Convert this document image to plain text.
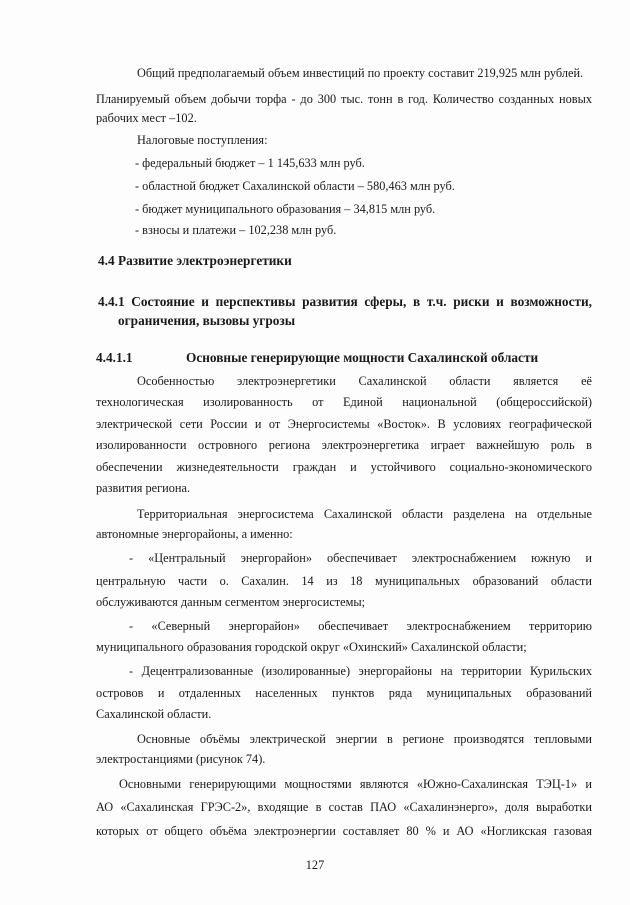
Общий предполагаемый объем инвестиций по проекту составит 219,925 млн рублей.
Планируемый объем добычи торфа - до 300 тыс. тонн в год. Количество созданных новых
рабочих мест –102.
Налоговые поступления:
- федеральный бюджет – 1 145,633 млн руб.
- областной бюджет Сахалинской области – 580,463 млн руб.
- бюджет муниципального образования – 34,815 млн руб.
- взносы и платежи – 102,238 млн руб.
4.4 Развитие электроэнергетики
4.4.1 Состояние и перспективы развития сферы, в т.ч. риски и возможности,
ограничения, вызовы угрозы
4.4.1.1	Основные генерирующие мощности Сахалинской области
Особенностью электроэнергетики Сахалинской области является её
технологическая изолированность от Единой национальной (общероссийской)
электрической сети России и от Энергосистемы «Восток». В условиях географической
изолированности островного региона электроэнергетика играет важнейшую роль в
обеспечении жизнедеятельности граждан и устойчивого социально-экономического
развития региона.
Территориальная энергосистема Сахалинской области разделена на отдельные
автономные энергорайоны, а именно:
- «Центральный энергорайон» обеспечивает электроснабжением южную и
центральную части о. Сахалин. 14 из 18 муниципальных образований области
обслуживаются данным сегментом энергосистемы;
- «Северный энергорайон» обеспечивает электроснабжением территорию
муниципального образования городской округ «Охинский» Сахалинской области;
- Децентрализованные (изолированные) энергорайоны на территории Курильских
островов и отдаленных населенных пунктов ряда муниципальных образований
Сахалинской области.
Основные объёмы электрической энергии в регионе производятся тепловыми
электростанциями (рисунок 74).
Основными генерирующими мощностями являются «Южно-Сахалинская ТЭЦ-1» и
АО «Сахалинская ГРЭС-2», входящие в состав ПАО «Сахалинэнерго», доля выработки
которых от общего объёма электроэнергии составляет 80 % и АО «Ногликская газовая
127
